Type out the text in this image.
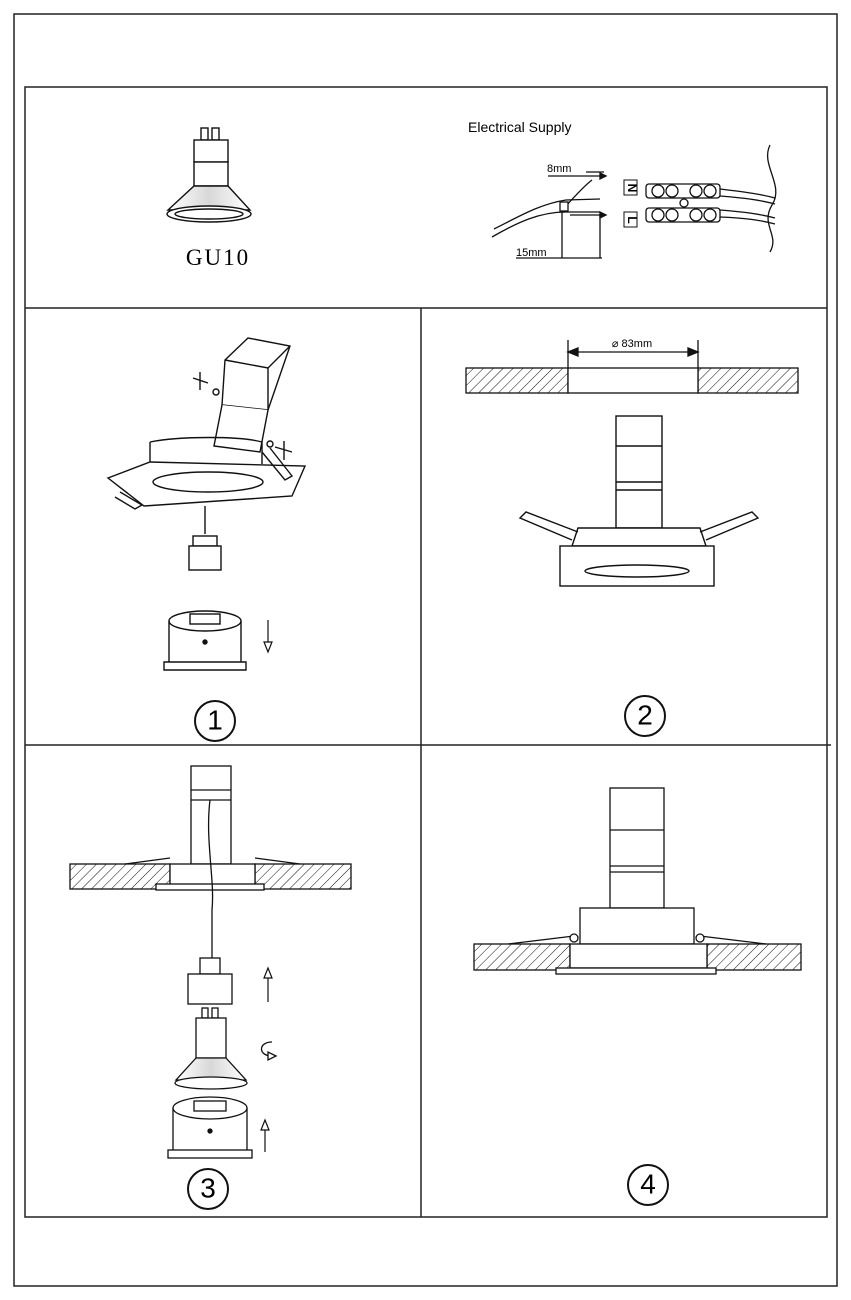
GU10
Electrical Supply
8mm
15mm
N
L
1
⌀ 83mm
2
3	4
